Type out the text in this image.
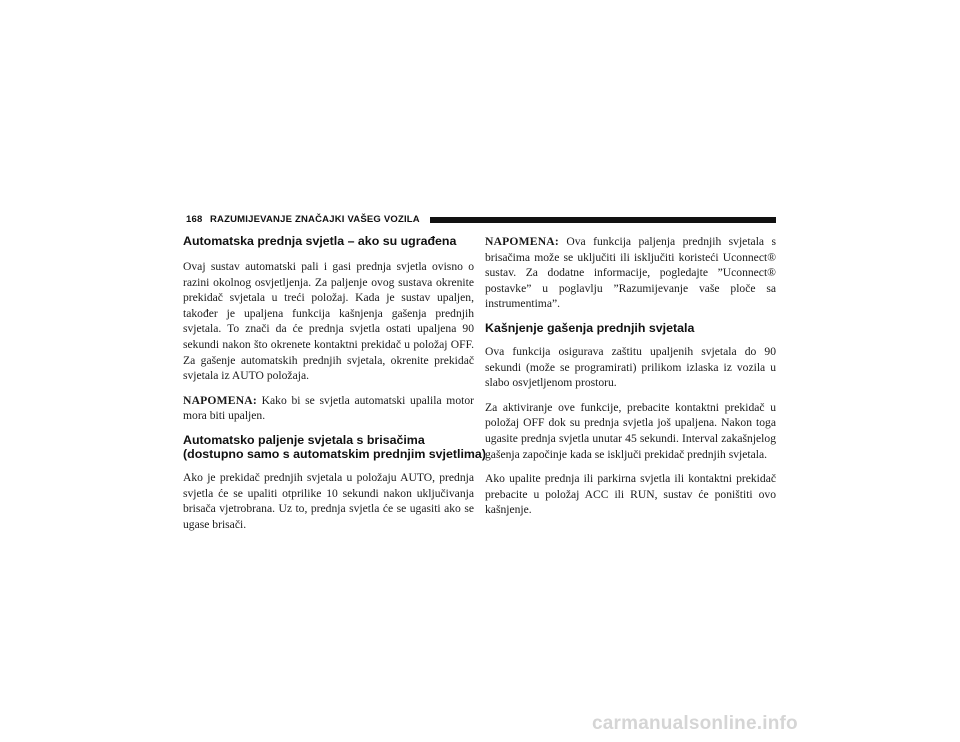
168 RAZUMIJEVANJE ZNAČAJKI VAŠEG VOZILA
Automatska prednja svjetla – ako su ugrađena

Ovaj sustav automatski pali i gasi prednja svjetla ovisno o razini okolnog osvjetljenja. Za paljenje ovog sustava okrenite prekidač svjetala u treći položaj. Kada je sustav upaljen, također je upaljena funkcija kašnjenja gašenja prednjih svjetala. To znači da će prednja svjetla ostati upaljena 90 sekundi nakon što okrenete kontaktni prekidač u položaj OFF. Za gašenje automatskih prednjih svjetala, okrenite prekidač svjetala iz AUTO položaja.

NAPOMENA: Kako bi se svjetla automatski upalila motor mora biti upaljen.

Automatsko paljenje svjetala s brisačima
(dostupno samo s automatskim prednjim svjetlima)

Ako je prekidač prednjih svjetala u položaju AUTO, prednja svjetla će se upaliti otprilike 10 sekundi nakon uključivanja brisača vjetrobrana. Uz to, prednja svjetla će se ugasiti ako se ugase brisači.

NAPOMENA: Ova funkcija paljenja prednjih svjetala s brisačima može se uključiti ili isključiti koristeći Uconnect® sustav. Za dodatne informacije, pogledajte ”Uconnect® postavke” u poglavlju ”Razumijevanje vaše ploče sa instrumentima”.

Kašnjenje gašenja prednjih svjetala

Ova funkcija osigurava zaštitu upaljenih svjetala do 90 sekundi (može se programirati) prilikom izlaska iz vozila u slabo osvjetljenom prostoru.

Za aktiviranje ove funkcije, prebacite kontaktni prekidač u položaj OFF dok su prednja svjetla još upaljena. Nakon toga ugasite prednja svjetla unutar 45 sekundi. Interval zakašnjelog gašenja započinje kada se isključi prekidač prednjih svjetala.

Ako upalite prednja ili parkirna svjetla ili kontaktni prekidač prebacite u položaj ACC ili RUN, sustav će poništiti ovo kašnjenje.

carmanualsonline.info
